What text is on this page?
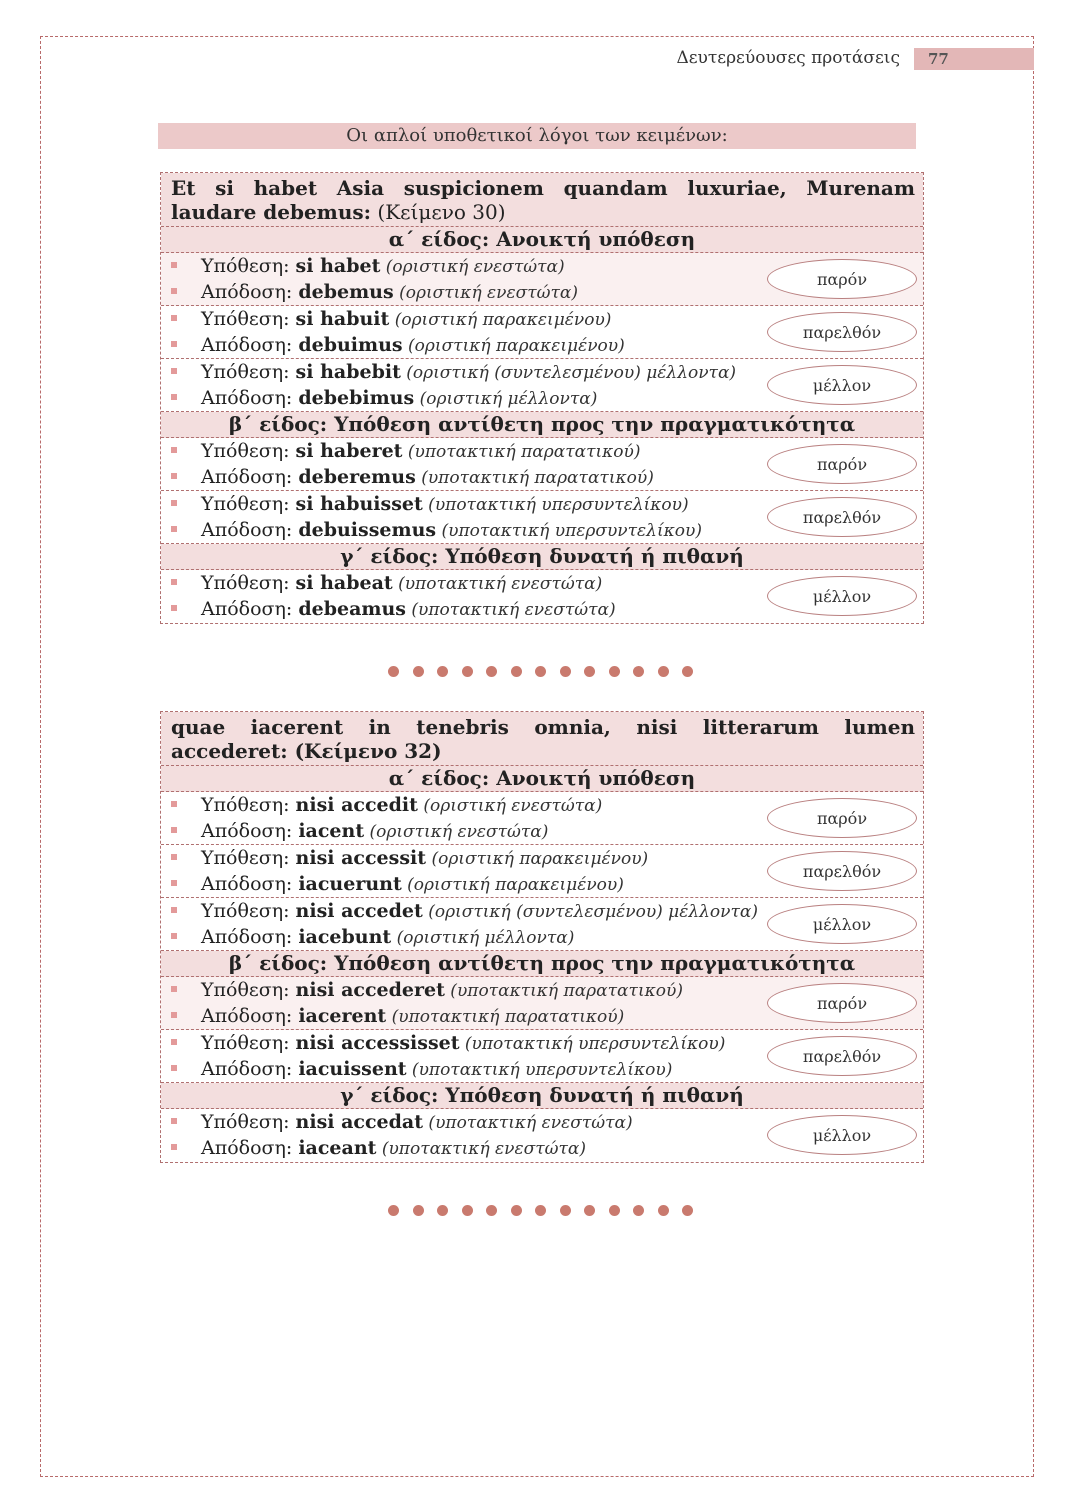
Δευτερεύουσες προτάσεις	77
Οι απλοί υποθετικοί λόγοι των κειμένων:
Et si habet Asia suspicionem quandam luxuriae, Murenam
laudare debemus: (Κείμενο 30)
α΄ είδος: Ανοικτή υπόθεση
Υπόθεση: si habet (οριστική ενεστώτα)
Απόδοση: debemus (οριστική ενεστώτα)
παρόν
Υπόθεση: si habuit (οριστική παρακειμένου)
Απόδοση: debuimus (οριστική παρακειμένου)
παρελθόν
Υπόθεση: si habebit (οριστική (συντελεσμένου) μέλλοντα)
Απόδοση: debebimus (οριστική μέλλοντα)
μέλλον
β΄ είδος: Υπόθεση αντίθετη προς την πραγματικότητα
Υπόθεση: si haberet (υποτακτική παρατατικού)
Απόδοση: deberemus (υποτακτική παρατατικού)
παρόν
Υπόθεση: si habuisset (υποτακτική υπερσυντελίκου)
Απόδοση: debuissemus (υποτακτική υπερσυντελίκου)
παρελθόν
γ΄ είδος: Υπόθεση δυνατή ή πιθανή
Υπόθεση: si habeat (υποτακτική ενεστώτα)
Απόδοση: debeamus (υποτακτική ενεστώτα)
μέλλον
quae iacerent in tenebris omnia, nisi litterarum lumen
accederet: (Κείμενο 32)
α΄ είδος: Ανοικτή υπόθεση
Υπόθεση: nisi accedit (οριστική ενεστώτα)
Απόδοση: iacent (οριστική ενεστώτα)
παρόν
Υπόθεση: nisi accessit (οριστική παρακειμένου)
Απόδοση: iacuerunt (οριστική παρακειμένου)
παρελθόν
Υπόθεση: nisi accedet (οριστική (συντελεσμένου) μέλλοντα)
Απόδοση: iacebunt (οριστική μέλλοντα)
μέλλον
β΄ είδος: Υπόθεση αντίθετη προς την πραγματικότητα
Υπόθεση: nisi accederet (υποτακτική παρατατικού)
Απόδοση: iacerent (υποτακτική παρατατικού)
παρόν
Υπόθεση: nisi accessisset (υποτακτική υπερσυντελίκου)
Απόδοση: iacuissent (υποτακτική υπερσυντελίκου)
παρελθόν
γ΄ είδος: Υπόθεση δυνατή ή πιθανή
Υπόθεση: nisi accedat (υποτακτική ενεστώτα)
Απόδοση: iaceant (υποτακτική ενεστώτα)
μέλλον
